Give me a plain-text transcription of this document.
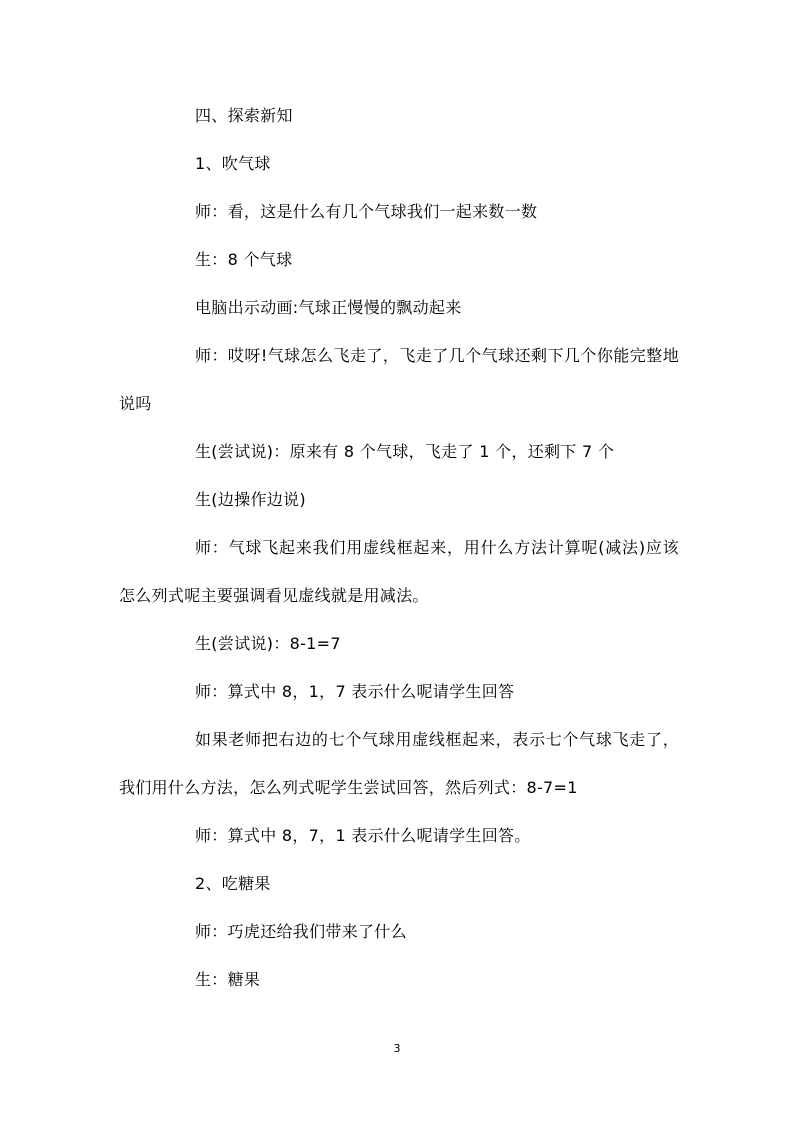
四、探索新知

1、吹气球

师：看，这是什么有几个气球我们一起来数一数

生：8 个气球

电脑出示动画:气球正慢慢的飘动起来

师：哎呀!气球怎么飞走了，飞走了几个气球还剩下几个你能完整地说吗

生(尝试说)：原来有 8 个气球，飞走了 1 个，还剩下 7 个

生(边操作边说)

师：气球飞起来我们用虚线框起来，用什么方法计算呢(减法)应该怎么列式呢主要强调看见虚线就是用减法。

生(尝试说)：8-1=7

师：算式中 8，1，7 表示什么呢请学生回答

如果老师把右边的七个气球用虚线框起来，表示七个气球飞走了，我们用什么方法，怎么列式呢学生尝试回答，然后列式：8-7=1

师：算式中 8，7，1 表示什么呢请学生回答。

2、吃糖果

师：巧虎还给我们带来了什么

生：糖果

3
